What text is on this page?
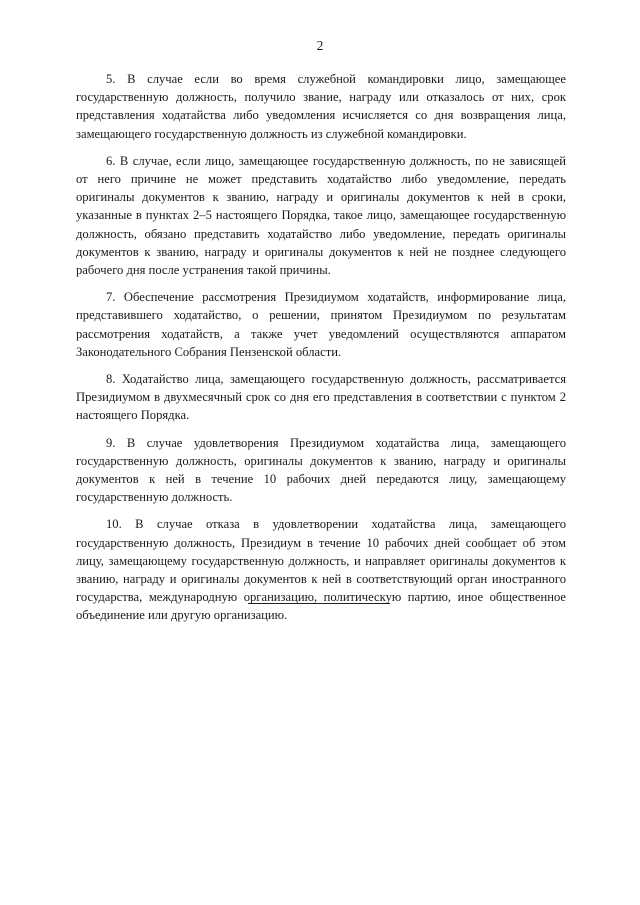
2

5. В случае если во время служебной командировки лицо, замещающее государственную должность, получило звание, награду или отказалось от них, срок представления ходатайства либо уведомления исчисляется со дня возвращения лица, замещающего государственную должность из служебной командировки.

6. В случае, если лицо, замещающее государственную должность, по не зависящей от него причине не может представить ходатайство либо уведомление, передать оригиналы документов к званию, награду и оригиналы документов к ней в сроки, указанные в пунктах 2–5 настоящего Порядка, такое лицо, замещающее государственную должность, обязано представить ходатайство либо уведомление, передать оригиналы документов к званию, награду и оригиналы документов к ней не позднее следующего рабочего дня после устранения такой причины.

7. Обеспечение рассмотрения Президиумом ходатайств, информирование лица, представившего ходатайство, о решении, принятом Президиумом по результатам рассмотрения ходатайств, а также учет уведомлений осуществляются аппаратом Законодательного Собрания Пензенской области.

8. Ходатайство лица, замещающего государственную должность, рассматривается Президиумом в двухмесячный срок со дня его представления в соответствии с пунктом 2 настоящего Порядка.

9. В случае удовлетворения Президиумом ходатайства лица, замещающего государственную должность, оригиналы документов к званию, награду и оригиналы документов к ней в течение 10 рабочих дней передаются лицу, замещающему государственную должность.

10. В случае отказа в удовлетворении ходатайства лица, замещающего государственную должность, Президиум в течение 10 рабочих дней сообщает об этом лицу, замещающему государственную должность, и направляет оригиналы документов к званию, награду и оригиналы документов к ней в соответствующий орган иностранного государства, международную организацию, политическую партию, иное общественное объединение или другую организацию.
